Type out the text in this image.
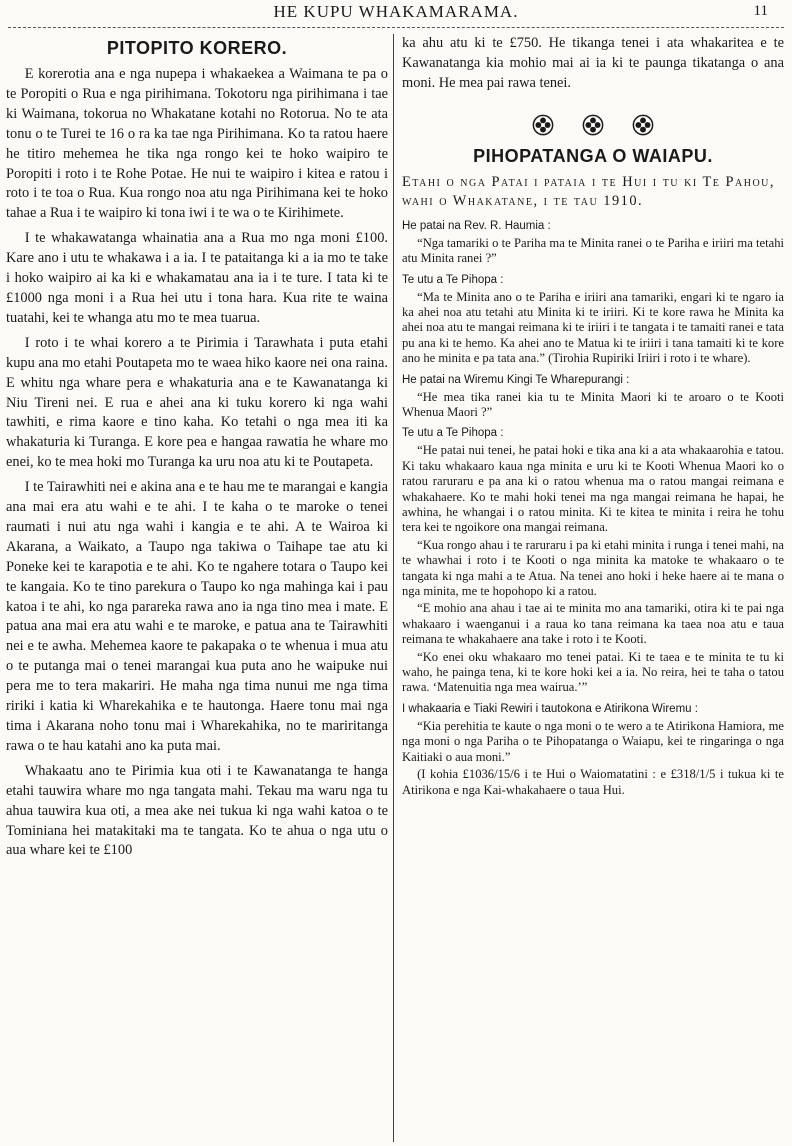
HE KUPU WHAKAMARAMA.	11
PITOPITO KORERO.

E korerotia ana e nga nupepa i whakaekea a Waimana te pa o te Poropiti o Rua e nga pirihimana. Tokotoru nga pirihimana i tae ki Waimana, tokorua no Whakatane kotahi no Rotorua. No te ata tonu o te Turei te 16 o ra ka tae nga Pirihimana. Ko ta ratou haere he titiro mehemea he tika nga rongo kei te hoko waipiro te Poropiti i roto i te Rohe Potae. He nui te waipiro i kitea e ratou i roto i te toa o Rua. Kua rongo noa atu nga Pirihimana kei te hoko tahae a Rua i te waipiro ki tona iwi i te wa o te Kirihimete.

I te whakawatanga whainatia ana a Rua mo nga moni £100. Kare ano i utu te whakawa i a ia. I te pataitanga ki a ia mo te take i hoko waipiro ai ka ki e whakamatau ana ia i te ture. I tata ki te £1000 nga moni i a Rua hei utu i tona hara. Kua rite te waina tuatahi, kei te whanga atu mo te mea tuarua.

I roto i te whai korero a te Pirimia i Tarawhata i puta etahi kupu ana mo etahi Poutapeta mo te waea hiko kaore nei ona raina. E whitu nga whare pera e whakaturia ana e te Kawanatanga ki Niu Tireni nei. E rua e ahei ana ki tuku korero ki nga wahi tawhiti, e rima kaore e tino kaha. Ko tetahi o nga mea iti ka whakaturia ki Turanga. E kore pea e hangaa rawatia he whare mo enei, ko te mea hoki mo Turanga ka uru noa atu ki te Poutapeta.

I te Tairawhiti nei e akina ana e te hau me te marangai e kangia ana mai era atu wahi e te ahi. I te kaha o te maroke o tenei raumati i nui atu nga wahi i kangia e te ahi. A te Wairoa ki Akarana, a Waikato, a Taupo nga takiwa o Taihape tae atu ki Poneke kei te karapotia e te ahi. Ko te ngahere totara o Taupo kei te kangaia. Ko te tino parekura o Taupo ko nga mahinga kai i pau katoa i te ahi, ko nga parareka rawa ano ia nga tino mea i mate. E patua ana mai era atu wahi e te maroke, e patua ana te Tairawhiti nei e te awha. Mehemea kaore te pakapaka o te whenua i mua atu o te putanga mai o tenei marangai kua puta ano he waipuke nui pera me to tera makariri. He maha nga tima nunui me nga tima ririki i katia ki Wharekahika e te hautonga. Haere tonu mai nga tima i Akarana noho tonu mai i Wharekahika, no te mariritanga rawa o te hau katahi ano ka puta mai.

Whakaatu ano te Pirimia kua oti i te Kawanatanga te hanga etahi tauwira whare mo nga tangata mahi. Tekau ma waru nga tu ahua tauwira kua oti, a mea ake nei tukua ki nga wahi katoa o te Tominiana hei matakitaki ma te tangata. Ko te ahua o nga utu o aua whare kei te £100

ka ahu atu ki te £750. He tikanga tenei i ata whakaritea e te Kawanatanga kia mohio mai ai ia ki te paunga tikatanga o ana moni. He mea pai rawa tenei.

PIHOPATANGA O WAIAPU.

Etahi o nga Patai i pataia i te Hui i tu ki Te Pahou, wahi o Whakatane, i te tau 1910.

He patai na Rev. R. Haumia :

“Nga tamariki o te Pariha ma te Minita ranei o te Pariha e iriiri ma tetahi atu Minita ranei ?”

Te utu a Te Pihopa :

“Ma te Minita ano o te Pariha e iriiri ana tamariki, engari ki te ngaro ia ka ahei noa atu tetahi atu Minita ki te iriiri. Ki te kore rawa he Minita ka ahei noa atu te mangai reimana ki te iriiri i te tangata i te tamaiti ranei e tata pu ana ki te hemo. Ka ahei ano te Matua ki te iriiri i tana tamaiti ki te kore ano he minita e pa tata ana.” (Tirohia Rupiriki Iriiri i roto i te whare).

He patai na Wiremu Kingi Te Wharepurangi :

“He mea tika ranei kia tu te Minita Maori ki te aroaro o te Kooti Whenua Maori ?”

Te utu a Te Pihopa :

“He patai nui tenei, he patai hoki e tika ana ki a ata whakaarohia e tatou. Ki taku whakaaro kaua nga minita e uru ki te Kooti Whenua Maori ko o ratou raruraru e pa ana ki o ratou whenua ma o ratou mangai reimana e whakahaere. Ko te mahi hoki tenei ma nga mangai reimana he hapai, he awhina, he whangai i o ratou minita. Ki te kitea te minita i reira he tohu tera kei te ngoikore ona mangai reimana.

“Kua rongo ahau i te raruraru i pa ki etahi minita i runga i tenei mahi, na te whawhai i roto i te Kooti o nga minita ka matoke te whakaaro o te tangata ki nga mahi a te Atua. Na tenei ano hoki i heke haere ai te mana o nga minita, me te hopohopo ki a ratou.

“E mohio ana ahau i tae ai te minita mo ana tamariki, otira ki te pai nga whakaaro i waenganui i a raua ko tana reimana ka taea noa atu e taua reimana te whakahaere ana take i roto i te Kooti.

“Ko enei oku whakaaro mo tenei patai. Ki te taea e te minita te tu ki waho, he painga tena, ki te kore hoki kei a ia. No reira, hei te taha o tatou rawa. ‘Matenuitia nga mea wairua.’”

I whakaaria e Tiaki Rewiri i tautokona e Atirikona Wiremu :

“Kia perehitia te kaute o nga moni o te wero a te Atirikona Hamiora, me nga moni o nga Pariha o te Pihopatanga o Waiapu, kei te ringaringa o nga Kaitiaki o aua moni.”

(I kohia £1036/15/6 i te Hui o Waiomatatini : e £318/1/5 i tukua ki te Atirikona e nga Kai-whakahaere o taua Hui.
